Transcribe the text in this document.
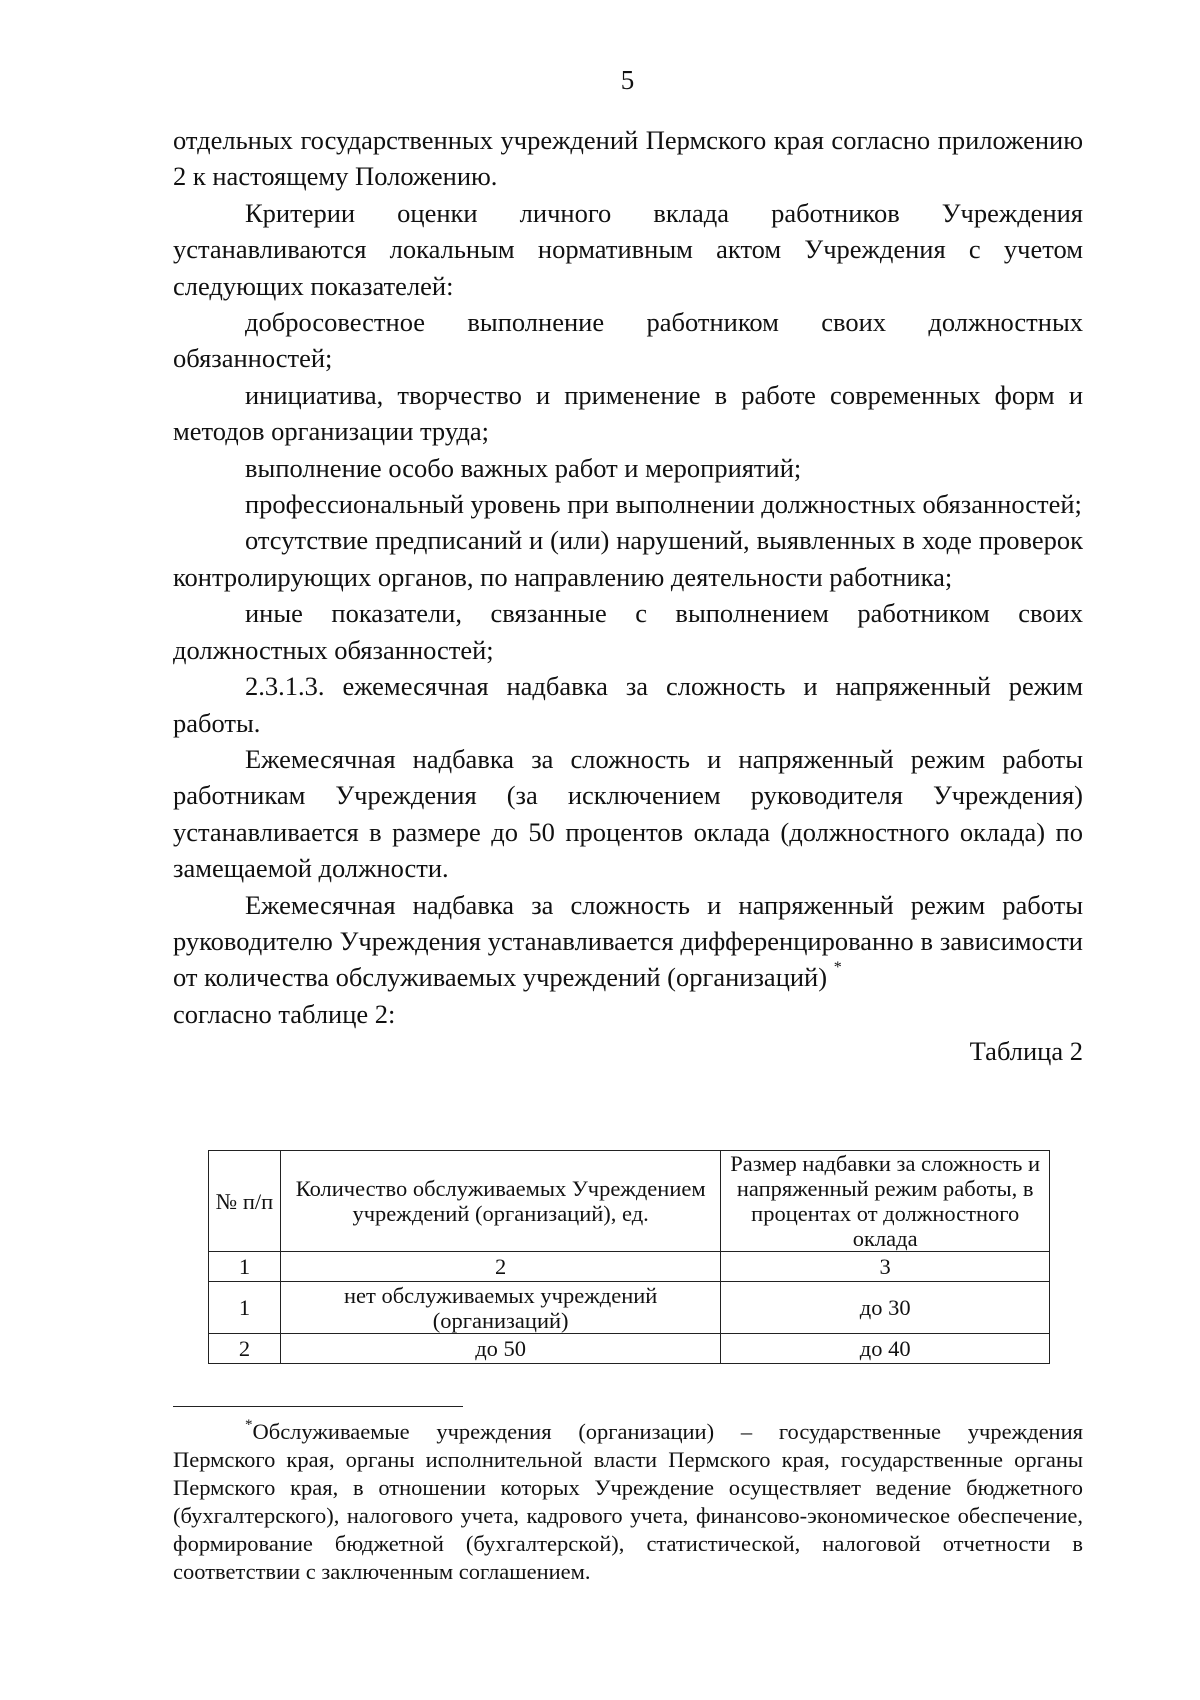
5

отдельных государственных учреждений Пермского края согласно приложению 2 к настоящему Положению.

Критерии оценки личного вклада работников Учреждения устанавливаются локальным нормативным актом Учреждения с учетом следующих показателей:

добросовестное выполнение работником своих должностных обязанностей;

инициатива, творчество и применение в работе современных форм и методов организации труда;

выполнение особо важных работ и мероприятий;

профессиональный уровень при выполнении должностных обязанностей;

отсутствие предписаний и (или) нарушений, выявленных в ходе проверок контролирующих органов, по направлению деятельности работника;

иные показатели, связанные с выполнением работником своих должностных обязанностей;

2.3.1.3. ежемесячная надбавка за сложность и напряженный режим работы.

Ежемесячная надбавка за сложность и напряженный режим работы работникам Учреждения (за исключением руководителя Учреждения) устанавливается в размере до 50 процентов оклада (должностного оклада) по замещаемой должности.

Ежемесячная надбавка за сложность и напряженный режим работы руководителю Учреждения устанавливается дифференцированно в зависимости от количества обслуживаемых учреждений (организаций) *

согласно таблице 2:

Таблица 2

№ п/п	Количество обслуживаемых Учреждением учреждений (организаций), ед.	Размер надбавки за сложность и напряженный режим работы, в процентах от должностного оклада
1	2	3
1	нет обслуживаемых учреждений (организаций)	до 30
2	до 50	до 40

*Обслуживаемые учреждения (организации) – государственные учреждения Пермского края, органы исполнительной власти Пермского края, государственные органы Пермского края, в отношении которых Учреждение осуществляет ведение бюджетного (бухгалтерского), налогового учета, кадрового учета, финансово-экономическое обеспечение, формирование бюджетной (бухгалтерской), статистической, налоговой отчетности в соответствии с заключенным соглашением.
